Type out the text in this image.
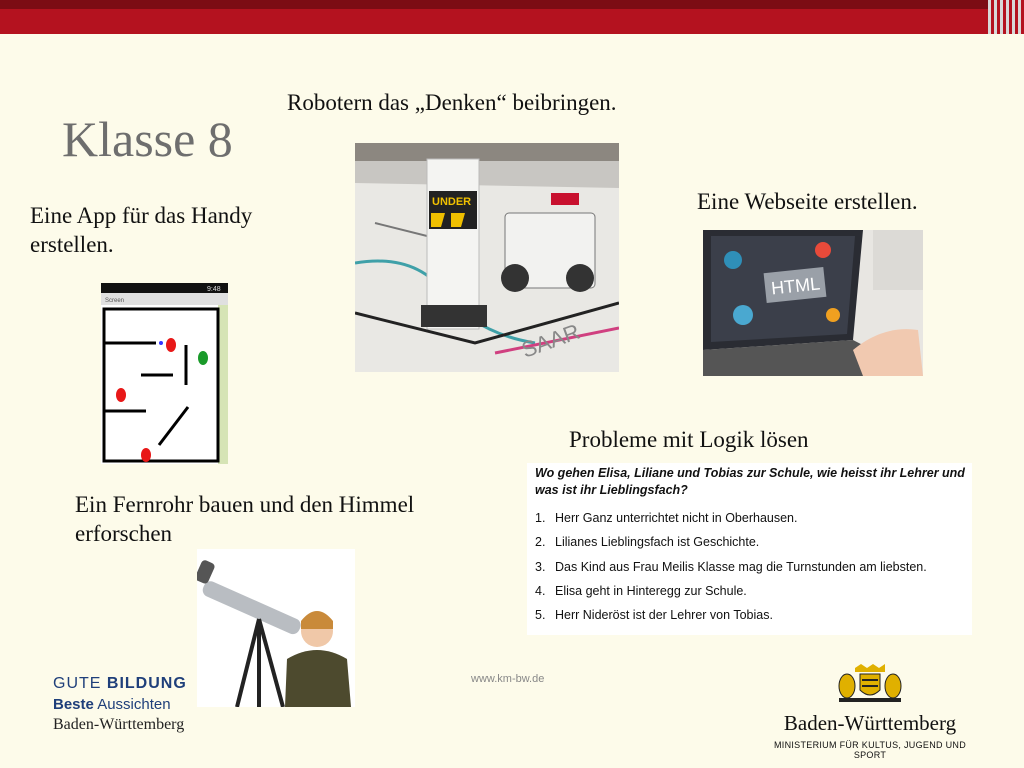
Klasse 8
Robotern das „Denken“ beibringen.
Eine App für das Handy erstellen.
Eine Webseite erstellen.
Ein Fernrohr bauen und den Himmel erforschen
Probleme mit Logik lösen
UNDER
SAAR
9:48
Screen
HTML
Wo gehen Elisa, Liliane und Tobias zur Schule, wie heisst ihr Lehrer und was ist ihr Lieblingsfach?
1. Herr Ganz unterrichtet nicht in Oberhausen.
2. Lilianes Lieblingsfach ist Geschichte.
3. Das Kind aus Frau Meilis Klasse mag die Turnstunden am liebsten.
4. Elisa geht in Hinteregg zur Schule.
5. Herr Nideröst ist der Lehrer von Tobias.
www.km-bw.de
GUTE BILDUNG
Beste Aussichten
Baden-Württemberg	Baden-Württemberg
MINISTERIUM FÜR KULTUS, JUGEND UND SPORT
